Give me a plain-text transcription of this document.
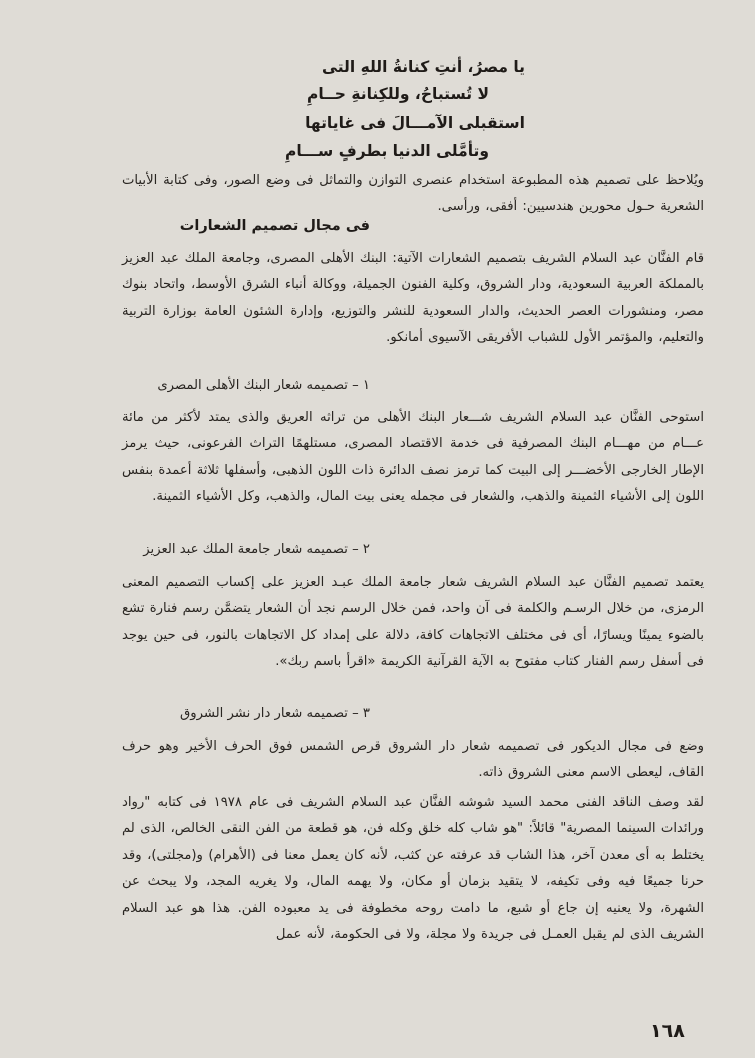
يا مصرُ، أنتِ كنانةُ اللهِ التى
لا تُستباحُ، وللكِنانةِ حــامِ
استقبلى الآمـــالَ فى غاياتها
وتأمَّلى الدنيا بطرفٍ ســـامِ

ويُلاحظ على تصميم هذه المطبوعة استخدام عنصرى التوازن والتماثل فى وضع الصور، وفى كتابة الأبيات الشعرية حـول محورين هندسيين: أفقى، ورأسى.

فى مجال تصميم الشعارات

قام الفنَّان عبد السلام الشريف بتصميم الشعارات الآتية: البنك الأهلى المصرى، وجامعة الملك عبد العزيز بالمملكة العربية السعودية، ودار الشروق، وكلية الفنون الجميلة، ووكالة أنباء الشرق الأوسط، واتحاد بنوك مصر، ومنشورات العصر الحديث، والدار السعودية للنشر والتوزيع، وإدارة الشئون العامة بوزارة التربية والتعليم، والمؤتمر الأول للشباب الأفريقى الآسيوى أمانكو.

١ – تصميمه شعار البنك الأهلى المصرى

استوحى الفنَّان عبد السلام الشريف شـــعار البنك الأهلى من تراثه العريق والذى يمتد لأكثر من مائة عـــام من مهـــام البنك المصرفية فى خدمة الاقتصاد المصرى، مستلهمًا التراث الفرعونى، حيث يرمز الإطار الخارجى الأخضـــر إلى البيت كما ترمز نصف الدائرة ذات اللون الذهبى، وأسفلها ثلاثة أعمدة بنفس اللون إلى الأشياء الثمينة والذهب، والشعار فى مجمله يعنى بيت المال، والذهب، وكل الأشياء الثمينة.

٢ – تصميمه شعار جامعة الملك عبد العزيز

يعتمد تصميم الفنَّان عبد السلام الشريف شعار جامعة الملك عبـد العزيز على إكساب التصميم المعنى الرمزى، من خلال الرسـم والكلمة فى آن واحد، فمن خلال الرسم نجد أن الشعار يتضمَّن رسم فنارة تشع بالضوء يمينًا ويسارًا، أى فى مختلف الاتجاهات كافة، دلالة على إمداد كل الاتجاهات بالنور، فى حين يوجد فى أسفل رسم الفنار كتاب مفتوح به الآية القرآنية الكريمة «اقرأ باسم ربك».

٣ – تصميمه شعار دار نشر الشروق

وضع فى مجال الديكور فى تصميمه شعار دار الشروق قرص الشمس فوق الحرف الأخير وهو حرف القاف، ليعطى الاسم معنى الشروق ذاته.

لقد وصف الناقد الفنى محمد السيد شوشه الفنَّان عبد السلام الشريف فى عام ١٩٧٨ فى كتابه "رواد ورائدات السينما المصرية" قائلاً: "هو شاب كله خلق وكله فن، هو قطعة من الفن النقى الخالص، الذى لم يختلط به أى معدن آخر، هذا الشاب قد عرفته عن كثب، لأنه كان يعمل معنا فى (الأهرام) و(مجلتى)، وقد حرنا جميعًا فيه وفى تكيفه، لا يتقيد بزمان أو مكان، ولا يهمه المال، ولا يغريه المجد، ولا يبحث عن الشهرة، ولا يعنيه إن جاع أو شبع، ما دامت روحه مخطوفة فى يد معبوده الفن. هذا هو عبد السلام الشريف الذى لم يقبل العمـل فى جريدة ولا مجلة، ولا فى الحكومة، لأنه عمل

١٦٨
